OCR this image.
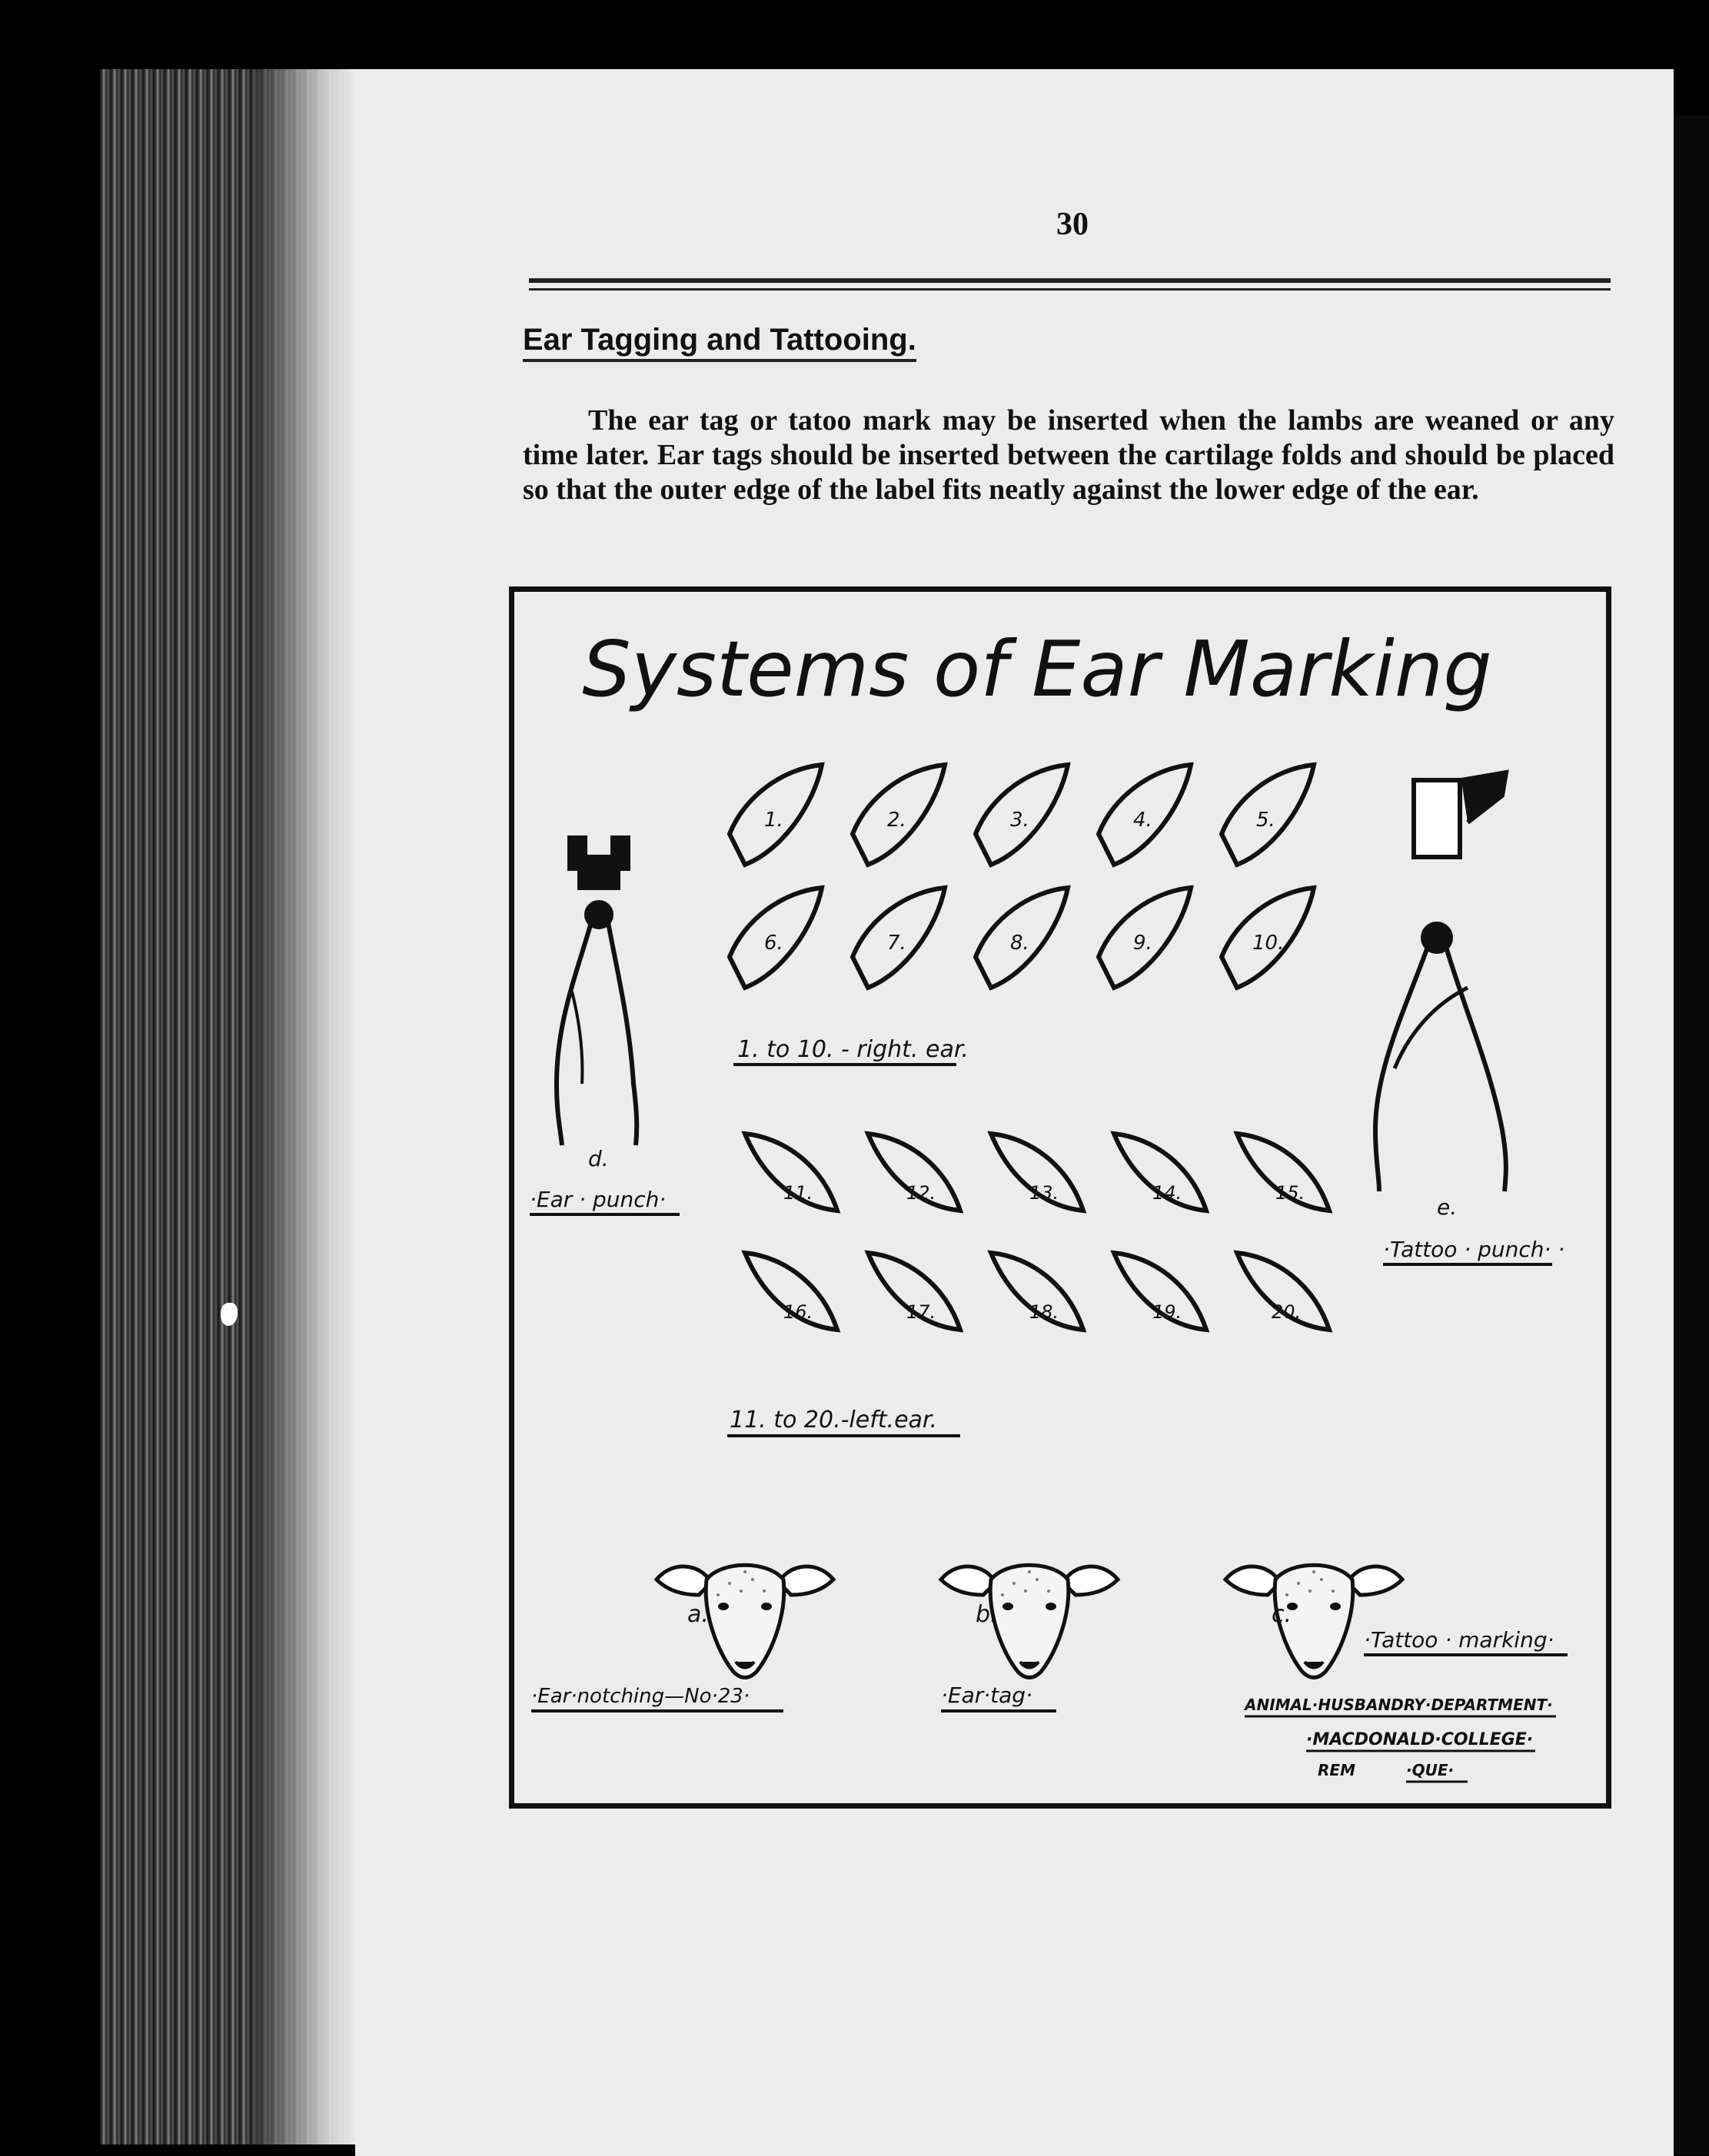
30
Ear Tagging and Tattooing.
The ear tag or tatoo mark may be inserted when the lambs are weaned or any time later. Ear tags should be inserted between the cartilage folds and should be placed so that the outer edge of the label fits neatly against the lower edge of the ear.
Systems of Ear Marking
1.	2.	3.	4.	5.
6.	7.	8.	9.	10.
1. to 10. - right. ear.
11.	12.	13.	14.	15.
16.	17.	18.	19.	20.
11. to 20.-left.ear.
d.
·Ear · punch·	e.
·Tattoo · punch· ·
a.	b.	c.
·Ear·notching—No·23·	·Ear·tag·
·Tattoo · marking·
ANIMAL·HUSBANDRY·DEPARTMENT·
·MACDONALD·COLLEGE·
REM	·QUE·
